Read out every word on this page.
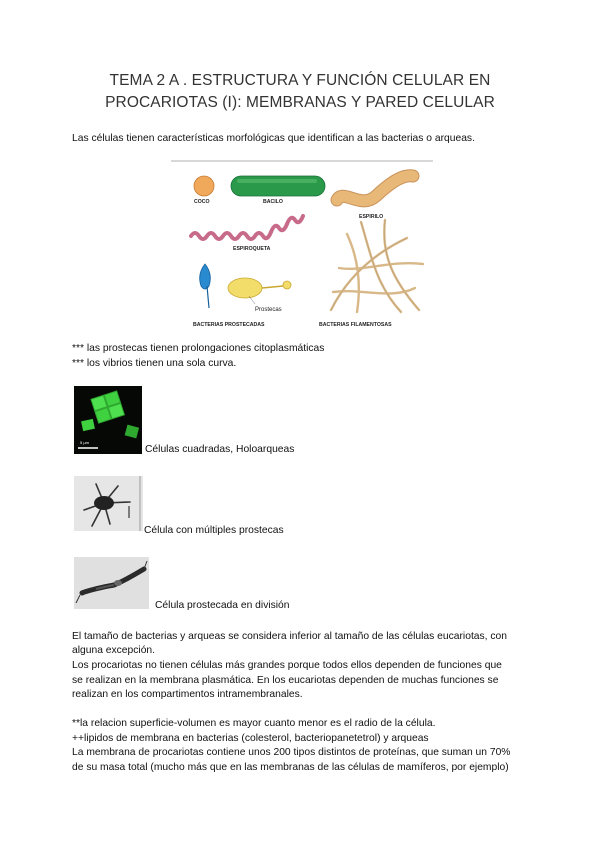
TEMA 2 A . ESTRUCTURA Y FUNCIÓN CELULAR EN
PROCARIOTAS (I): MEMBRANAS Y PARED CELULAR
Las células tienen características morfológicas que identifican a las bacterias o arqueas.
COCO	BACILO
ESPIRILO
ESPIROQUETA
Prostecas
BACTERIAS PROSTECADAS	BACTERIAS FILAMENTOSAS
*** las prostecas tienen prolongaciones citoplasmáticas
*** los vibrios tienen una sola curva.
5 µm
Células cuadradas, Holoarqueas
Célula con múltiples prostecas
Célula prostecada en división
El tamaño de bacterias y arqueas se considera inferior al tamaño de las células eucariotas, con
alguna excepción.
Los procariotas no tienen células más grandes porque todos ellos dependen de funciones que
se realizan en la membrana plasmática. En los eucariotas dependen de muchas funciones se
realizan en los compartimentos intramembranales.
**la relacion superficie-volumen es mayor cuanto menor es el radio de la célula.
++lipidos de membrana en bacterias (colesterol, bacteriopanetetrol) y arqueas
La membrana de procariotas contiene unos 200 tipos distintos de proteínas, que suman un 70%
de su masa total (mucho más que en las membranas de las células de mamíferos, por ejemplo)
